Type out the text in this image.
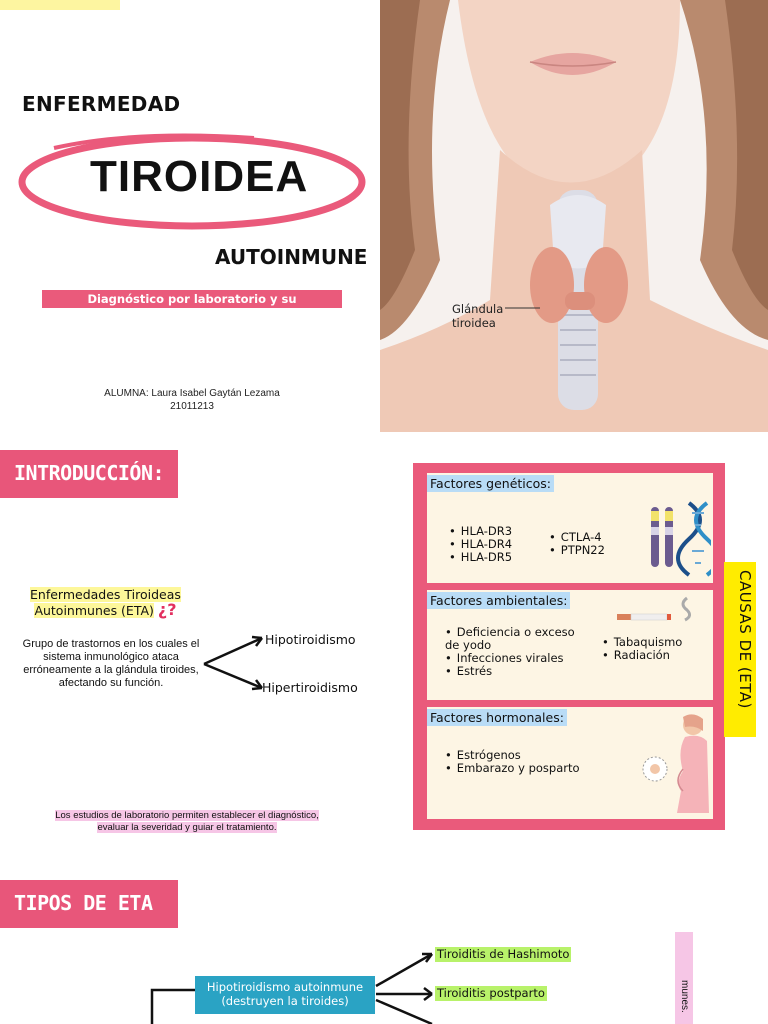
Glándula
tiroidea
ENFERMEDAD
TIROIDEA
AUTOINMUNE
Diagnóstico por laboratorio y su interpretación
ALUMNA: Laura Isabel Gaytán Lezama
21011213
INTRODUCCIÓN:
Enfermedades Tiroideas
Autoinmunes (ETA) ¿?
Grupo de trastornos en los cuales el sistema inmunológico ataca erróneamente a la glándula tiroides, afectando su función.
Hipotiroidismo
Hipertiroidismo
Los estudios de laboratorio permiten establecer el diagnóstico, evaluar la severidad y guiar el tratamiento.
Factores genéticos:
• HLA-DR3
• HLA-DR4
• HLA-DR5
• CTLA-4
• PTPN22
Factores ambientales:
• Deficiencia o exceso de yodo
• Infecciones virales
• Estrés
• Tabaquismo
• Radiación
Factores hormonales:
• Estrógenos
• Embarazo y posparto
CAUSAS DE (ETA)
TIPOS DE ETA
Hipotiroidismo autoinmune
(destruyen la tiroides)
Tiroiditis de Hashimoto
Tiroiditis postparto	munes.
